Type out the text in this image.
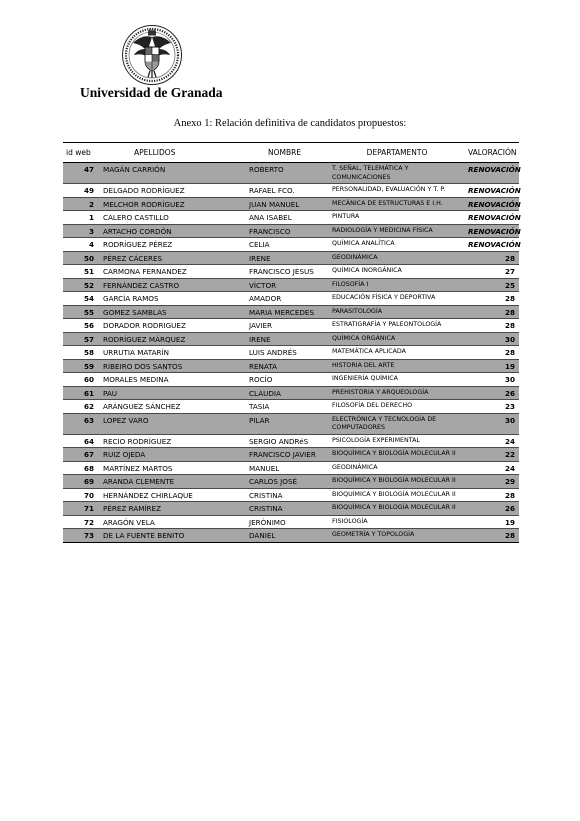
Universidad de Granada
Anexo 1: Relación definitiva de candidatos propuestos:
id web	APELLIDOS	NOMBRE	DEPARTAMENTO	VALORACIÓN
47	MAGÁN CARRIÓN	ROBERTO	T. SEÑAL, TELEMÁTICA Y COMUNICACIONES	RENOVACIÓN
49	DELGADO RODRÍGUEZ	RAFAEL FCO.	PERSONALIDAD, EVALUACIÓN Y T. P.	RENOVACIÓN
2	MELCHOR RODRÍGUEZ	JUAN MANUEL	MECÁNICA DE ESTRUCTURAS E I.H.	RENOVACIÓN
1	CALERO CASTILLO	ANA ISABEL	PINTURA	RENOVACIÓN
3	ARTACHO CORDÓN	FRANCISCO	RADIOLOGÍA Y MEDICINA FÍSICA	RENOVACIÓN
4	RODRÍGUEZ PÉREZ	CELIA	QUÍMICA ANALÍTICA	RENOVACIÓN
50	PÉREZ CÁCERES	IRENE	GEODINÁMICA	28
51	CARMONA FERNANDEZ	FRANCISCO JESUS	QUÍMICA INORGÁNICA	27
52	FERNÁNDEZ CASTRO	VÍCTOR	FILOSOFÍA I	25
54	GARCÍA RAMOS	AMADOR	EDUCACIÓN FÍSICA Y DEPORTIVA	28
55	GOMEZ SAMBLAS	MARIA MERCEDES	PARASITOLOGÍA	28
56	DORADOR RODRIGUEZ	JAVIER	ESTRATIGRAFÍA Y PALEONTOLOGÍA	28
57	RODRÍGUEZ MÁRQUEZ	IRENE	QUÍMICA ORGÁNICA	30
58	URRUTIA MATARÍN	LUIS ANDRÉS	MATEMÁTICA APLICADA	28
59	RIBEIRO DOS SANTOS	RENATA	HISTORIA DEL ARTE	19
60	MORALES MEDINA	ROCÍO	INGENIERÍA QUÍMICA	30
61	PAU	CLAUDIA	PREHISTORIA Y ARQUEOLOGÍA	26
62	ARÁNGUEZ SÁNCHEZ	TASIA	FILOSOFÍA DEL DERECHO	23
63	LOPEZ VARO	PILAR	ELECTRÓNICA Y TECNOLOGÍA DE COMPUTADORES	30
64	RECIO RODRÍGUEZ	SERGIO ANDRéS	PSICOLOGÍA EXPERIMENTAL	24
67	RUIZ OJEDA	FRANCISCO JAVIER	BIOQUÍMICA Y BIOLOGÍA MOLECULAR II	22
68	MARTÍNEZ MARTOS	MANUEL	GEODINÁMICA	24
69	ARANDA CLEMENTE	CARLOS JOSÉ	BIOQUÍMICA Y BIOLOGÍA MOLECULAR II	29
70	HERNÁNDEZ CHIRLAQUE	CRISTINA	BIOQUÍMICA Y BIOLOGÍA MOLECULAR II	28
71	PÉREZ RAMÍREZ	CRISTINA	BIOQUÍMICA Y BIOLOGÍA MOLECULAR II	26
72	ARAGÓN VELA	JERÓNIMO	FISIOLOGÍA	19
73	DE LA FUENTE BENITO	DANIEL	GEOMETRÍA Y TOPOLOGÍA	28
